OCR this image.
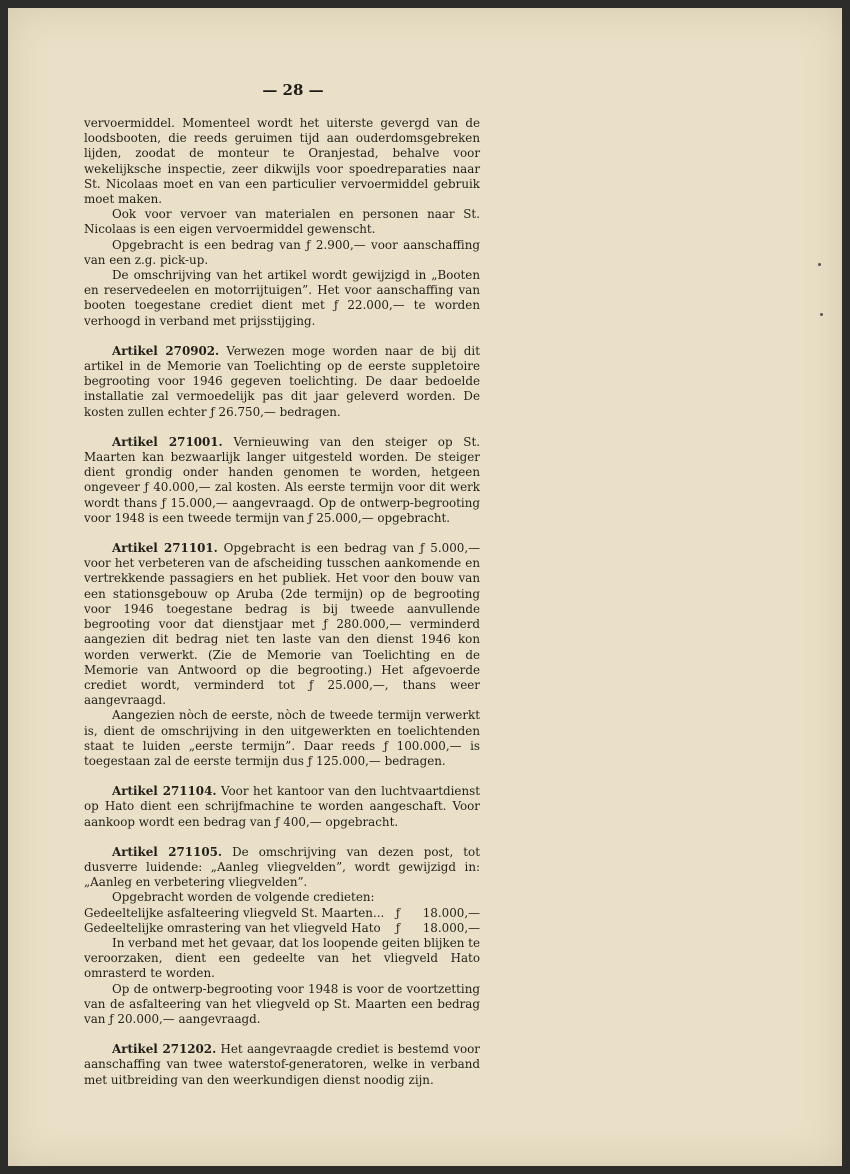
— 28 —

vervoermiddel. Momenteel wordt het uiterste gevergd van de loodsbooten, die reeds geruimen tijd aan ouderdomsgebreken lijden, zoodat de monteur te Oranjestad, behalve voor wekelijksche inspectie, zeer dikwijls voor spoedreparaties naar St. Nicolaas moet en van een particulier vervoermiddel gebruik moet maken.

Ook voor vervoer van materialen en personen naar St. Nicolaas is een eigen vervoermiddel gewenscht.

Opgebracht is een bedrag van ƒ 2.900,— voor aanschaffing van een z.g. pick-up.

De omschrijving van het artikel wordt gewijzigd in „Booten en reservedeelen en motorrijtuigen”. Het voor aanschaffing van booten toegestane crediet dient met ƒ 22.000,— te worden verhoogd in verband met prijsstijging.

Artikel 270902. Verwezen moge worden naar de bij dit artikel in de Memorie van Toelichting op de eerste suppletoire begrooting voor 1946 gegeven toelichting. De daar bedoelde installatie zal vermoedelijk pas dit jaar geleverd worden. De kosten zullen echter ƒ 26.750,— bedragen.

Artikel 271001. Vernieuwing van den steiger op St. Maarten kan bezwaarlijk langer uitgesteld worden. De steiger dient grondig onder handen genomen te worden, hetgeen ongeveer ƒ 40.000,— zal kosten. Als eerste termijn voor dit werk wordt thans ƒ 15.000,— aangevraagd. Op de ontwerp-begrooting voor 1948 is een tweede termijn van ƒ 25.000,— opgebracht.

Artikel 271101. Opgebracht is een bedrag van ƒ 5.000,— voor het verbeteren van de afscheiding tusschen aankomende en vertrekkende passagiers en het publiek. Het voor den bouw van een stationsgebouw op Aruba (2de termijn) op de begrooting voor 1946 toegestane bedrag is bij tweede aanvullende begrooting voor dat dienstjaar met ƒ 280.000,— verminderd aangezien dit bedrag niet ten laste van den dienst 1946 kon worden verwerkt. (Zie de Memorie van Toelichting en de Memorie van Antwoord op die begrooting.) Het afgevoerde crediet wordt, verminderd tot ƒ 25.000,—, thans weer aangevraagd.

Aangezien nòch de eerste, nòch de tweede termijn verwerkt is, dient de omschrijving in den uitgewerkten en toelichtenden staat te luiden „eerste termijn”. Daar reeds ƒ 100.000,— is toegestaan zal de eerste termijn dus ƒ 125.000,— bedragen.

Artikel 271104. Voor het kantoor van den luchtvaartdienst op Hato dient een schrijfmachine te worden aangeschaft. Voor aankoop wordt een bedrag van ƒ 400,— opgebracht.

Artikel 271105. De omschrijving van dezen post, tot dusverre luidende: „Aanleg vliegvelden”, wordt gewijzigd in: „Aanleg en verbetering vliegvelden”.

Opgebracht worden de volgende credieten:

Gedeeltelijke asfalteering vliegveld St. Maarten... ƒ	18.000,—
Gedeeltelijke omrastering van het vliegveld Hato	ƒ	18.000,—

In verband met het gevaar, dat los loopende geiten blijken te veroorzaken, dient een gedeelte van het vliegveld Hato omrasterd te worden.

Op de ontwerp-begrooting voor 1948 is voor de voortzetting van de asfalteering van het vliegveld op St. Maarten een bedrag van ƒ 20.000,— aangevraagd.

Artikel 271202. Het aangevraagde crediet is bestemd voor aanschaffing van twee waterstof-generatoren, welke in verband met uitbreiding van den weerkundigen dienst noodig zijn.
